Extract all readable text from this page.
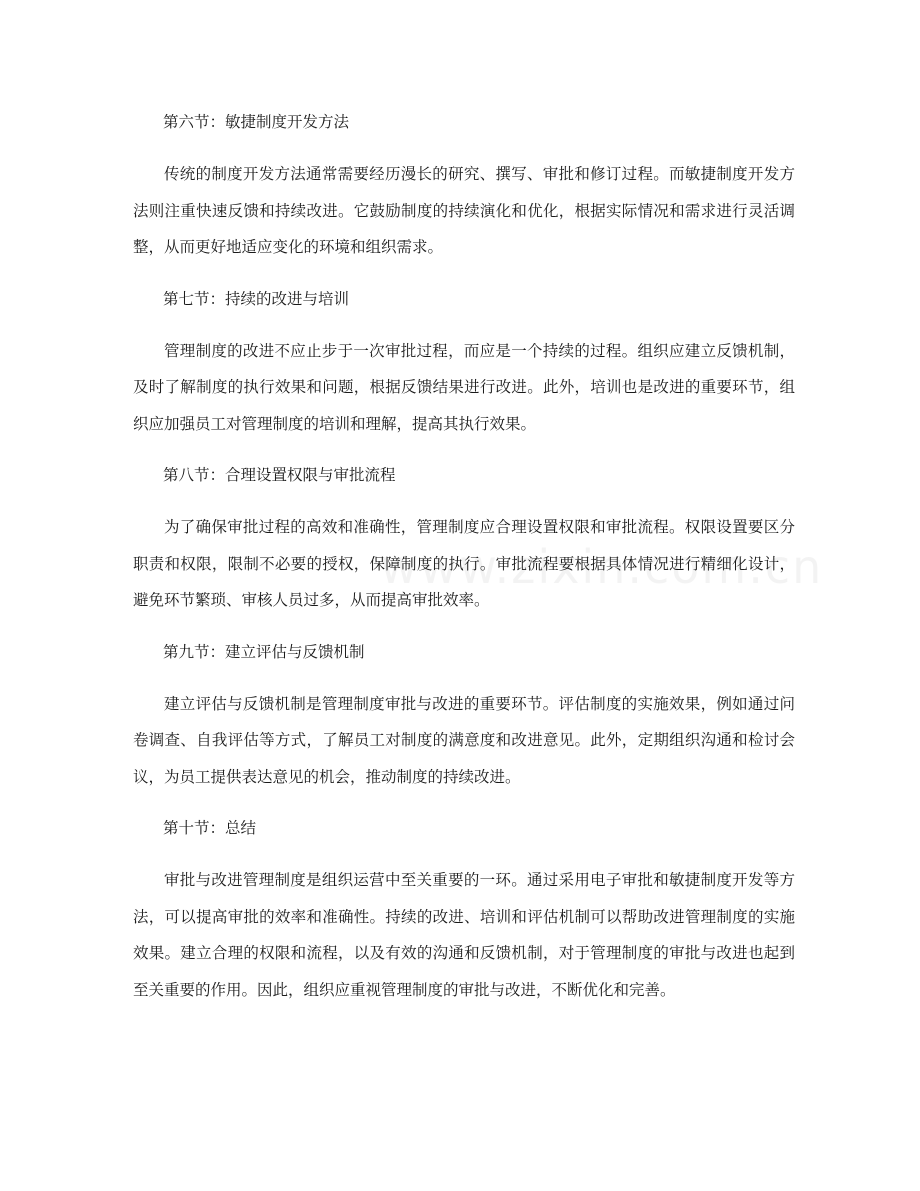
第六节：敏捷制度开发方法
传统的制度开发方法通常需要经历漫长的研究、撰写、审批和修订过程。而敏捷制度开发方法则注重快速反馈和持续改进。它鼓励制度的持续演化和优化，根据实际情况和需求进行灵活调整，从而更好地适应变化的环境和组织需求。
第七节：持续的改进与培训
管理制度的改进不应止步于一次审批过程，而应是一个持续的过程。组织应建立反馈机制，及时了解制度的执行效果和问题，根据反馈结果进行改进。此外，培训也是改进的重要环节，组织应加强员工对管理制度的培训和理解，提高其执行效果。
第八节：合理设置权限与审批流程
为了确保审批过程的高效和准确性，管理制度应合理设置权限和审批流程。权限设置要区分职责和权限，限制不必要的授权，保障制度的执行。审批流程要根据具体情况进行精细化设计，避免环节繁琐、审核人员过多，从而提高审批效率。
第九节：建立评估与反馈机制
建立评估与反馈机制是管理制度审批与改进的重要环节。评估制度的实施效果，例如通过问卷调查、自我评估等方式，了解员工对制度的满意度和改进意见。此外，定期组织沟通和检讨会议，为员工提供表达意见的机会，推动制度的持续改进。
第十节：总结
审批与改进管理制度是组织运营中至关重要的一环。通过采用电子审批和敏捷制度开发等方法，可以提高审批的效率和准确性。持续的改进、培训和评估机制可以帮助改进管理制度的实施效果。建立合理的权限和流程，以及有效的沟通和反馈机制，对于管理制度的审批与改进也起到至关重要的作用。因此，组织应重视管理制度的审批与改进，不断优化和完善。
